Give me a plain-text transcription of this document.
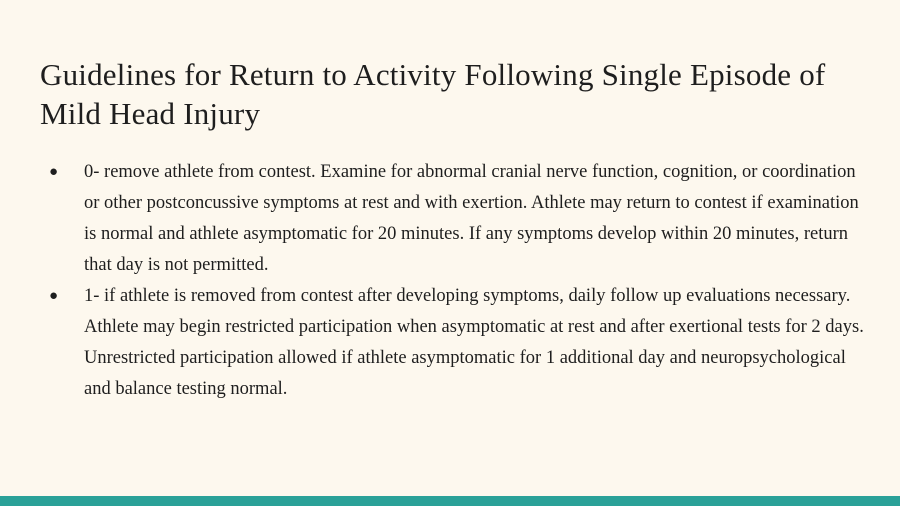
Guidelines for Return to Activity Following Single Episode of Mild Head Injury
● 0- remove athlete from contest. Examine for abnormal cranial nerve function, cognition, or coordination or other postconcussive symptoms at rest and with exertion. Athlete may return to contest if examination is normal and athlete asymptomatic for 20 minutes. If any symptoms develop within 20 minutes, return that day is not permitted.
● 1- if athlete is removed from contest after developing symptoms, daily follow up evaluations necessary. Athlete may begin restricted participation when asymptomatic at rest and after exertional tests for 2 days. Unrestricted participation allowed if athlete asymptomatic for 1 additional day and neuropsychological and balance testing normal.
